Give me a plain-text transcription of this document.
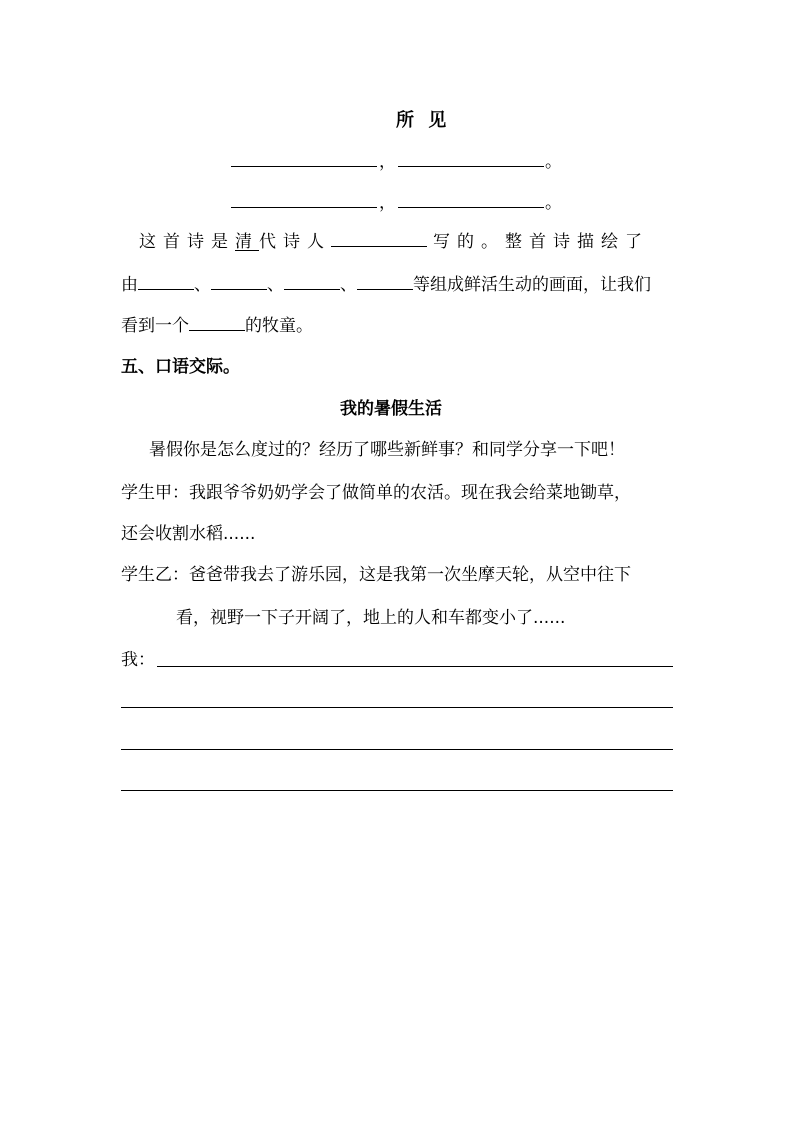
所 见
，	。
，	。
这首诗是清代诗人	写的。整首诗描绘了
由	、	、	、	等组成鲜活生动的画面，让我们
看到一个	的牧童。
五、口语交际。
我的暑假生活
暑假你是怎么度过的？经历了哪些新鲜事？和同学分享一下吧！
学生甲：我跟爷爷奶奶学会了做简单的农活。现在我会给菜地锄草，
还会收割水稻......
学生乙：爸爸带我去了游乐园，这是我第一次坐摩天轮，从空中往下
看，视野一下子开阔了，地上的人和车都变小了......
我：
